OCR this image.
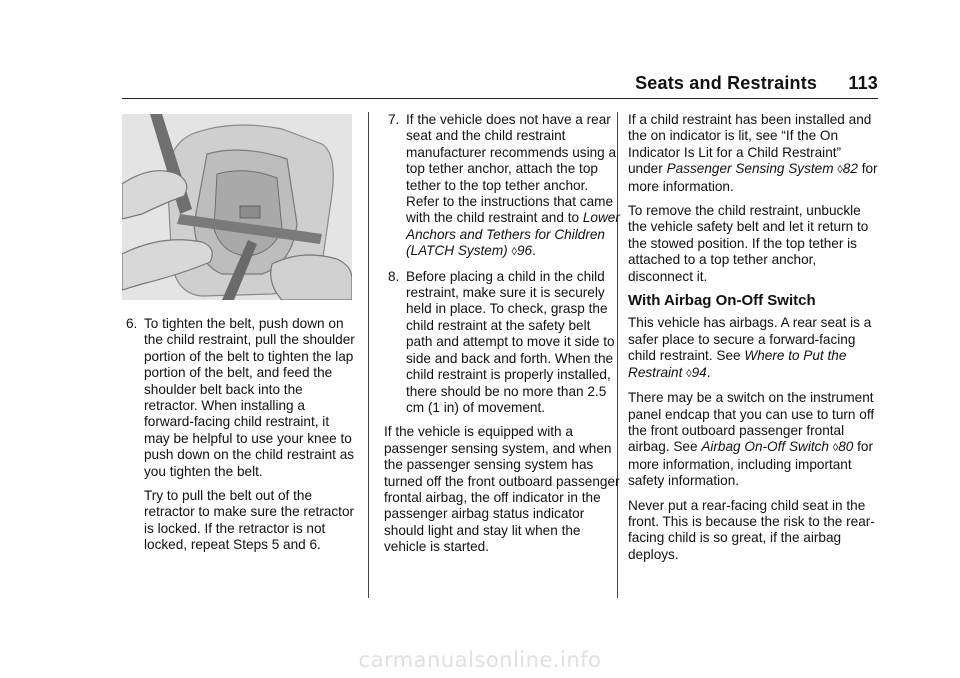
Seats and Restraints 113
6. To tighten the belt, push down on the child restraint, pull the shoulder portion of the belt to tighten the lap portion of the belt, and feed the shoulder belt back into the retractor. When installing a forward-facing child restraint, it may be helpful to use your knee to push down on the child restraint as you tighten the belt.

Try to pull the belt out of the retractor to make sure the retractor is locked. If the retractor is not locked, repeat Steps 5 and 6.

7. If the vehicle does not have a rear seat and the child restraint manufacturer recommends using a top tether anchor, attach the top tether to the top tether anchor. Refer to the instructions that came with the child restraint and to Lower Anchors and Tethers for Children (LATCH System) ◊96.
8. Before placing a child in the child restraint, make sure it is securely held in place. To check, grasp the child restraint at the safety belt path and attempt to move it side to side and back and forth. When the child restraint is properly installed, there should be no more than 2.5 cm (1 in) of movement.

If the vehicle is equipped with a passenger sensing system, and when the passenger sensing system has turned off the front outboard passenger frontal airbag, the off indicator in the passenger airbag status indicator should light and stay lit when the vehicle is started.

If a child restraint has been installed and the on indicator is lit, see “If the On Indicator Is Lit for a Child Restraint” under Passenger Sensing System ◊82 for more information.

To remove the child restraint, unbuckle the vehicle safety belt and let it return to the stowed position. If the top tether is attached to a top tether anchor, disconnect it.

With Airbag On-Off Switch

This vehicle has airbags. A rear seat is a safer place to secure a forward-facing child restraint. See Where to Put the Restraint ◊94.

There may be a switch on the instrument panel endcap that you can use to turn off the front outboard passenger frontal airbag. See Airbag On-Off Switch ◊80 for more information, including important safety information.

Never put a rear-facing child seat in the front. This is because the risk to the rear-facing child is so great, if the airbag deploys.

carmanualsonline.info
